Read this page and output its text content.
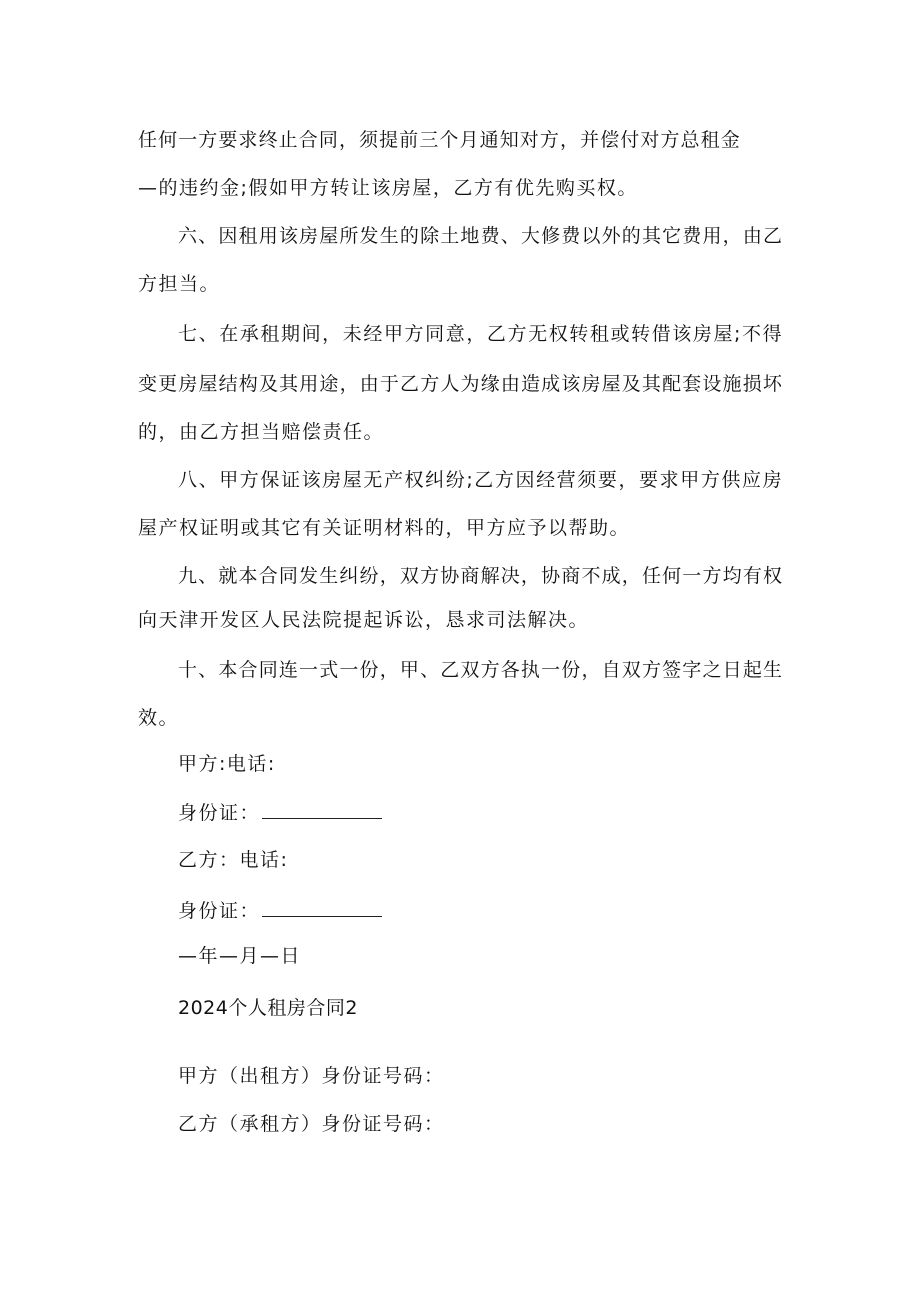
任 何 一 方 要 求 终 止 合 同 ， 须 提 前 三 个 月 通 知 对 方 ， 并 偿 付 对 方 总 租 金
—的违约金;假如甲方转让该房屋，乙方有优先购买权。
六 、 因 租 用 该 房 屋 所 发 生 的 除 土 地 费 、 大 修 费 以 外 的 其 它 费 用 ， 由 乙
方担当。
七 、 在 承 租 期 间 ， 未 经 甲 方 同 意 ， 乙 方 无 权 转 租 或 转 借 该 房 屋 ; 不 得
变 更 房 屋 结 构 及 其 用 途 ， 由 于 乙 方 人 为 缘 由 造 成 该 房 屋 及 其 配 套 设 施 损 坏
的，由乙方担当赔偿责任。
八 、 甲 方 保 证 该 房 屋 无 产 权 纠 纷 ; 乙 方 因 经 营 须 要 ， 要 求 甲 方 供 应 房
屋产权证明或其它有关证明材料的，甲方应予以帮助。
九 、 就 本 合 同 发 生 纠 纷 ， 双 方 协 商 解 决 ， 协 商 不 成 ， 任 何 一 方 均 有 权
向天津开发区人民法院提起诉讼，恳求司法解决。
十 、 本 合 同 连 一 式 一 份 ， 甲 、 乙 双 方 各 执 一 份 ， 自 双 方 签 字 之 日 起 生
效。
甲方:电话:
身份证：
乙方：电话:
身份证：
—年—月—日
2024个人租房合同2
甲方（出租方）身份证号码：
乙方（承租方）身份证号码：
